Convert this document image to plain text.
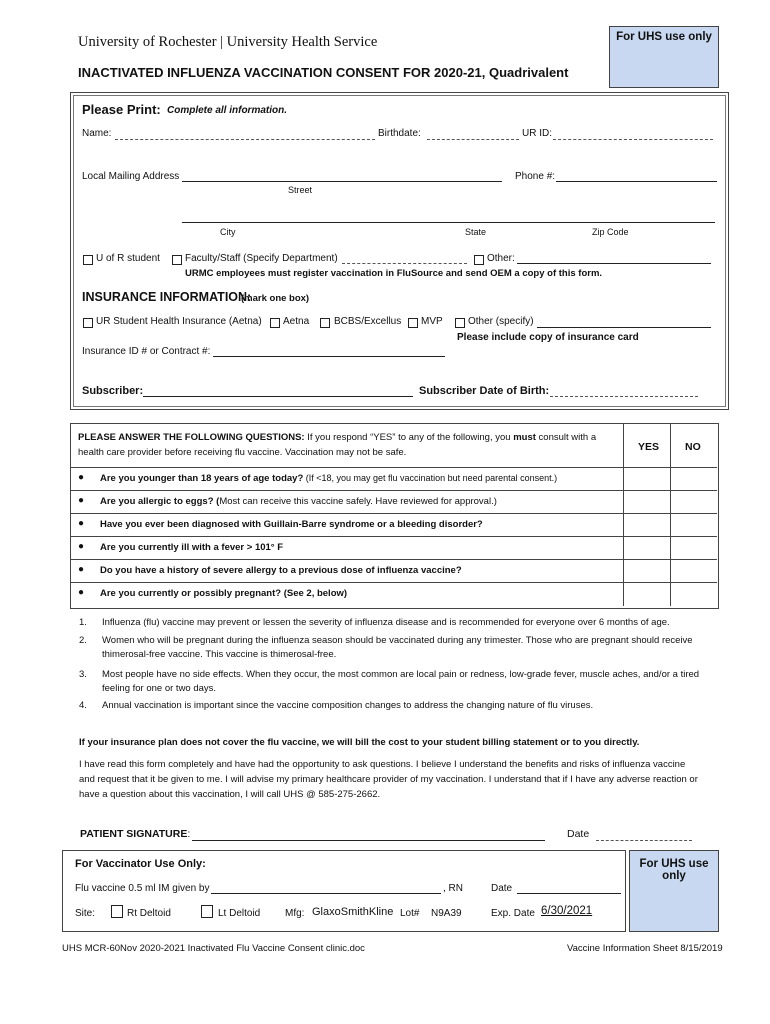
University of Rochester | University Health Service
INACTIVATED INFLUENZA VACCINATION CONSENT FOR 2020-21, Quadrivalent
For UHS use only
Please Print: Complete all information.
Name:	Birthdate:	UR ID:
Local Mailing Address	Phone #:
Street
City	State	Zip Code
U of R student	Faculty/Staff (Specify Department)	Other:
URMC employees must register vaccination in FluSource and send OEM a copy of this form.
INSURANCE INFORMATION:
(mark one box)
UR Student Health Insurance (Aetna) Aetna BCBS/Excellus MVP	Other (specify)
Please include copy of insurance card
Insurance ID # or Contract #:
Subscriber:	Subscriber Date of Birth:
PLEASE ANSWER THE FOLLOWING QUESTIONS: If you respond “YES” to any of the following, you must consult with a
health care provider before receiving flu vaccine. Vaccination may not be safe.	YES NO
● Are you younger than 18 years of age today? (If <18, you may get flu vaccination but need parental consent.)
● Are you allergic to eggs? (Most can receive this vaccine safely. Have reviewed for approval.)
● Have you ever been diagnosed with Guillain-Barre syndrome or a bleeding disorder?
● Are you currently ill with a fever > 101° F
● Do you have a history of severe allergy to a previous dose of influenza vaccine?
● Are you currently or possibly pregnant? (See 2, below)
1. Influenza (flu) vaccine may prevent or lessen the severity of influenza disease and is recommended for everyone over 6 months of age.
2. Women who will be pregnant during the influenza season should be vaccinated during any trimester. Those who are pregnant should receive thimerosal-free vaccine. This vaccine is thimerosal-free.
3. Most people have no side effects. When they occur, the most common are local pain or redness, low-grade fever, muscle aches, and/or a tired feeling for one or two days.
4. Annual vaccination is important since the vaccine composition changes to address the changing nature of flu viruses.
If your insurance plan does not cover the flu vaccine, we will bill the cost to your student billing statement or to you directly.
I have read this form completely and have had the opportunity to ask questions. I believe I understand the benefits and risks of influenza vaccine and request that it be given to me. I will advise my primary healthcare provider of my vaccination. I understand that if I have any adverse reaction or have a question about this vaccination, I will call UHS @ 585-275-2662.
PATIENT SIGNATURE:	Date
For Vaccinator Use Only:
Flu vaccine 0.5 ml IM given by	, RN	Date
Site:	Rt Deltoid	Lt Deltoid Mfg: GlaxoSmithKline Lot# N9A39	Exp. Date 6/30/2021
For UHS use
only
UHS MCR-60Nov 2020-2021 Inactivated Flu Vaccine Consent clinic.doc	Vaccine Information Sheet 8/15/2019
